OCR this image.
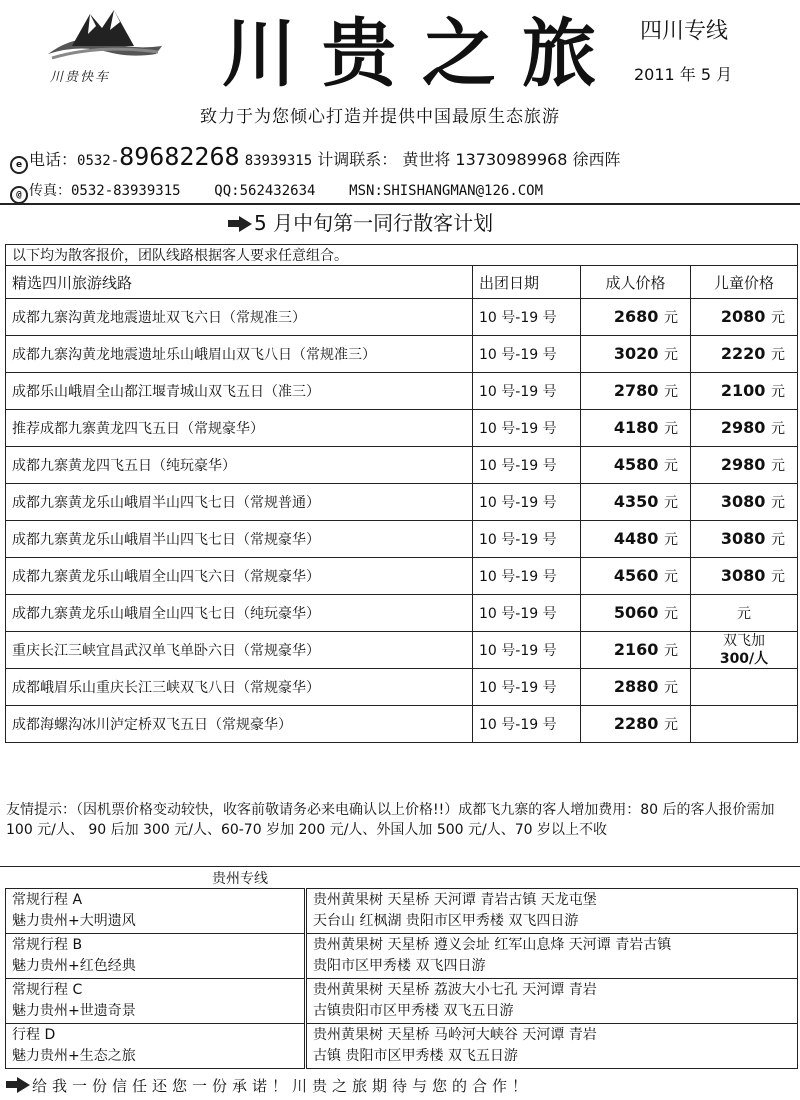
川贵快车 川贵之旅 四川专线
2011 年 5 月
致力于为您倾心打造并提供中国最原生态旅游
e 电话：0532-89682268 83939315 计调联系： 黄世将 13730989968 徐西阵
@ 传真：0532-83939315 QQ:562432634 MSN:SHISHANGMAN@126.COM
5 月中旬第一同行散客计划
以下均为散客报价，团队线路根据客人要求任意组合。			
精选四川旅游线路	出团日期	成人价格	儿童价格
成都九寨沟黄龙地震遗址双飞六日（常规准三）	10 号-19 号	2680 元	2080 元
成都九寨沟黄龙地震遗址乐山峨眉山双飞八日（常规准三）	10 号-19 号	3020 元	2220 元
成都乐山峨眉全山都江堰青城山双飞五日（准三）	10 号-19 号	2780 元	2100 元
推荐成都九寨黄龙四飞五日（常规豪华）	10 号-19 号	4180 元	2980 元
成都九寨黄龙四飞五日（纯玩豪华）	10 号-19 号	4580 元	2980 元
成都九寨黄龙乐山峨眉半山四飞七日（常规普通）	10 号-19 号	4350 元	3080 元
成都九寨黄龙乐山峨眉半山四飞七日（常规豪华）	10 号-19 号	4480 元	3080 元
成都九寨黄龙乐山峨眉全山四飞六日（常规豪华）	10 号-19 号	4560 元	3080 元
成都九寨黄龙乐山峨眉全山四飞七日（纯玩豪华）	10 号-19 号	5060 元	元
重庆长江三峡宜昌武汉单飞单卧六日（常规豪华）	10 号-19 号	2160 元	双飞加
300/人
成都峨眉乐山重庆长江三峡双飞八日（常规豪华）	10 号-19 号	2880 元	
成都海螺沟冰川泸定桥双飞五日（常规豪华）	10 号-19 号	2280 元	
友情提示：（因机票价格变动较快，收客前敬请务必来电确认以上价格!!）成都飞九寨的客人增加费用：80 后的客人报价需加 100 元/人、 90 后加 300 元/人、60-70 岁加 200 元/人、外国人加 500 元/人、70 岁以上不收
贵州专线
常规行程 A
魅力贵州+大明遗风	贵州黄果树 天星桥 天河谭 青岩古镇 天龙屯堡
天台山 红枫湖 贵阳市区甲秀楼 双飞四日游
常规行程 B
魅力贵州+红色经典	贵州黄果树 天星桥 遵义会址 红军山息烽 天河谭 青岩古镇
贵阳市区甲秀楼 双飞四日游
常规行程 C
魅力贵州+世遗奇景	贵州黄果树 天星桥 荔波大小七孔 天河谭 青岩
古镇贵阳市区甲秀楼 双飞五日游
行程 D
魅力贵州+生态之旅	贵州黄果树 天星桥 马岭河大峡谷 天河谭 青岩
古镇 贵阳市区甲秀楼 双飞五日游
给我一份信任还您一份承诺！川贵之旅期待与您的合作！
